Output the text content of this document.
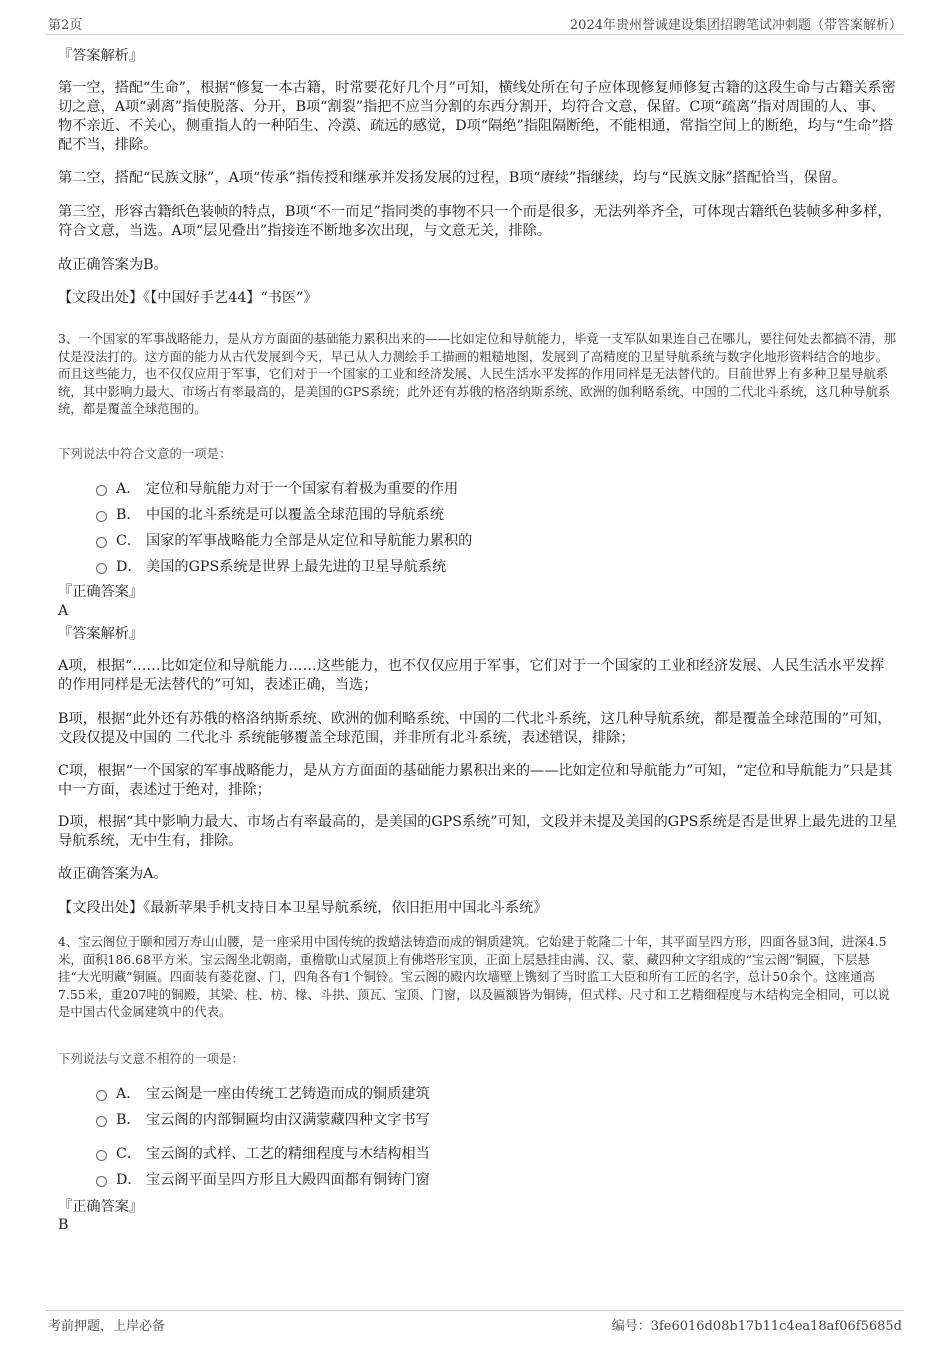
第2页	2024年贵州誉诚建设集团招聘笔试冲刺题（带答案解析）
『答案解析』
第一空，搭配“生命”，根据“修复一本古籍，时常要花好几个月”可知，横线处所在句子应体现修复师修复古籍的这段生命与古籍关系密切之意，A项“剥离”指使脱落、分开，B项“割裂”指把不应当分割的东西分割开，均符合文意，保留。C项“疏离”指对周围的人、事、物不亲近、不关心，侧重指人的一种陌生、冷漠、疏远的感觉，D项“隔绝”指阻隔断绝，不能相通，常指空间上的断绝，均与“生命”搭配不当，排除。
第二空，搭配“民族文脉”，A项“传承”指传授和继承并发扬发展的过程，B项“赓续”指继续，均与“民族文脉”搭配恰当，保留。
第三空，形容古籍纸色装帧的特点，B项“不一而足”指同类的事物不只一个而是很多，无法列举齐全，可体现古籍纸色装帧多种多样，符合文意，当选。A项“层见叠出”指接连不断地多次出现，与文意无关，排除。
故正确答案为B。
【文段出处】《【中国好手艺44】“书医”》
3、一个国家的军事战略能力，是从方方面面的基础能力累积出来的——比如定位和导航能力，毕竟一支军队如果连自己在哪儿，要往何处去都搞不清，那仗是没法打的。这方面的能力从古代发展到今天，早已从人力测绘手工描画的粗糙地图，发展到了高精度的卫星导航系统与数字化地形资料结合的地步。而且这些能力，也不仅仅应用于军事，它们对于一个国家的工业和经济发展、人民生活水平发挥的作用同样是无法替代的。目前世界上有多种卫星导航系统，其中影响力最大、市场占有率最高的，是美国的GPS系统；此外还有苏俄的格洛纳斯系统、欧洲的伽利略系统、中国的二代北斗系统，这几种导航系统，都是覆盖全球范围的。
下列说法中符合文意的一项是：
A． 定位和导航能力对于一个国家有着极为重要的作用
B． 中国的北斗系统是可以覆盖全球范围的导航系统
C． 国家的军事战略能力全部是从定位和导航能力累积的
D． 美国的GPS系统是世界上最先进的卫星导航系统
『正确答案』
A
『答案解析』
A项，根据“……比如定位和导航能力……这些能力，也不仅仅应用于军事，它们对于一个国家的工业和经济发展、人民生活水平发挥的作用同样是无法替代的”可知，表述正确，当选；
B项，根据“此外还有苏俄的格洛纳斯系统、欧洲的伽利略系统、中国的二代北斗系统，这几种导航系统，都是覆盖全球范围的”可知，文段仅提及中国的 二代北斗 系统能够覆盖全球范围，并非所有北斗系统，表述错误，排除；
C项，根据“一个国家的军事战略能力，是从方方面面的基础能力累积出来的——比如定位和导航能力”可知，“定位和导航能力”只是其中一方面，表述过于绝对，排除；
D项，根据“其中影响力最大、市场占有率最高的，是美国的GPS系统”可知，文段并未提及美国的GPS系统是否是世界上最先进的卫星导航系统，无中生有，排除。
故正确答案为A。
【文段出处】《最新苹果手机支持日本卫星导航系统，依旧拒用中国北斗系统》
4、宝云阁位于颐和园万寿山山腰，是一座采用中国传统的拨蜡法铸造而成的铜质建筑。它始建于乾隆二十年，其平面呈四方形，四面各显3间，进深4.5米，面积186.68平方米。宝云阁坐北朝南，重檐歇山式屋顶上有佛塔形宝顶，正面上层悬挂由满、汉、蒙、藏四种文字组成的“宝云阁”铜匾，下层悬挂“大光明藏”铜匾。四面装有菱花窗、门，四角各有1个铜铃。宝云阁的殿内坎墙壁上镌刻了当时监工大臣和所有工匠的名字，总计50余个。这座通高7.55米，重207吨的铜殿，其梁、柱、枋、椽、斗拱、顶瓦、宝顶、门窗，以及匾额皆为铜铸，但式样、尺寸和工艺精细程度与木结构完全相同，可以说是中国古代金属建筑中的代表。
下列说法与文意不相符的一项是：
A． 宝云阁是一座由传统工艺铸造而成的铜质建筑
B． 宝云阁的内部铜匾均由汉满蒙藏四种文字书写
C． 宝云阁的式样、工艺的精细程度与木结构相当
D． 宝云阁平面呈四方形且大殿四面都有铜铸门窗
『正确答案』
B
考前押题，上岸必备	编号：3fe6016d08b17b11c4ea18af06f5685d
